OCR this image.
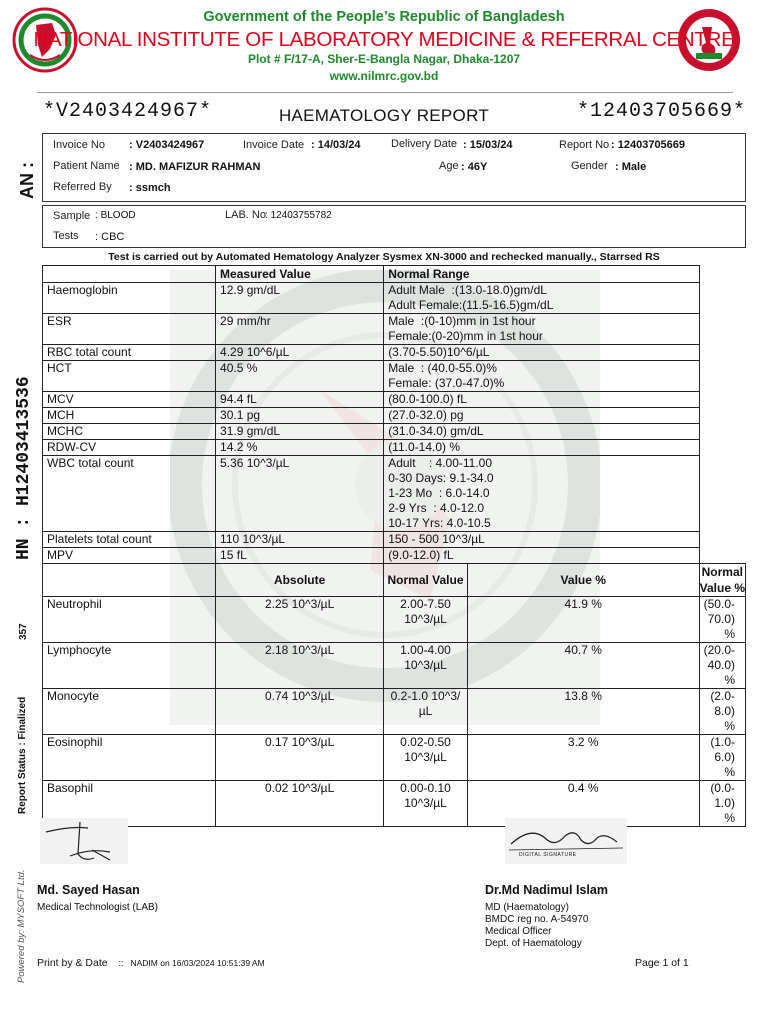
Government of the People’s Republic of Bangladesh
NATIONAL INSTITUTE OF LABORATORY MEDICINE & REFERRAL CENTRE
Plot # F/17-A, Sher-E-Bangla Nagar, Dhaka-1207
www.nilmrc.gov.bd
*V2403424967*	HAEMATOLOGY REPORT	*12403705669*
Invoice No : V2403424967	Invoice Date : 14/03/24	Delivery Date : 15/03/24	Report No : 12403705669
Patient Name : MD. MAFIZUR RAHMAN	Age : 46Y	Gender : Male
Referred By : ssmch
Sample : BLOOD	LAB. No : 12403755782
Tests : CBC
Test is carried out by Automated Hematology Analyzer Sysmex XN-3000 and rechecked manually., Starrsed RS
	Measured Value	Normal Range		
Haemoglobin	12.9 gm/dL	Adult Male  :(13.0-18.0)gm/dL
Adult Female:(11.5-16.5)gm/dL		

ESR	29 mm/hr	Male  :(0-10)mm in 1st hour
Female:(0-20)mm in 1st hour		

RBC total count	4.29 10^6/µL	(3.70-5.50)10^6/µL		

HCT	40.5 %	Male  : (40.0-55.0)%
Female: (37.0-47.0)%		

MCV	94.4 fL	(80.0-100.0) fL		

MCH	30.1 pg	(27.0-32.0) pg		

MCHC	31.9 gm/dL	(31.0-34.0) gm/dL		

RDW-CV	14.2 %	(11.0-14.0) %		

WBC total count	5.36 10^3/µL	Adult    : 4.00-11.00
0-30 Days: 9.1-34.0
1-23 Mo  : 6.0-14.0
2-9 Yrs  : 4.0-12.0
10-17 Yrs: 4.0-10.5		

Platelets total count	110 10^3/µL	150 - 500 10^3/µL		

MPV	15 fL	(9.0-12.0) fL		

	Absolute	Normal Value	Value %	Normal Value %
Neutrophil	2.25 10^3/µL	2.00-7.50 10^3/µL	41.9 %	(50.0-70.0) %
Lymphocyte	2.18 10^3/µL	1.00-4.00 10^3/µL	40.7 %	(20.0-40.0) %
Monocyte	0.74 10^3/µL	0.2-1.0 10^3/µL	13.8 %	(2.0-8.0) %
Eosinophil	0.17 10^3/µL	0.02-0.50 10^3/µL	3.2 %	(1.0-6.0) %
Basophil	0.02 10^3/µL	0.00-0.10 10^3/µL	0.4 %	(0.0-1.0) %
AN :
HN : H12403413536
357
Report Status : Finalized
Powered by: MYSOFT Ltd.
DIGITAL SIGNATURE
Md. Sayed Hasan
Medical Technologist (LAB)
Dr.Md Nadimul Islam
MD (Haematology)
BMDC reg no. A-54970
Medical Officer
Dept. of Haematology
Print by & Date :: NADIM on 16/03/2024 10:51:39 AM	Page 1 of 1
